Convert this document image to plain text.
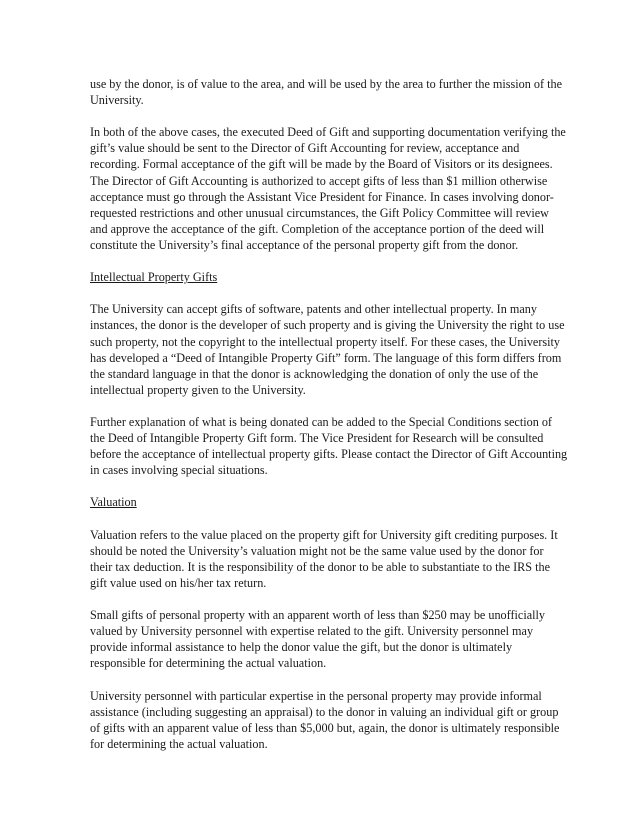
use by the donor, is of value to the area, and will be used by the area to further the mission of the University.

In both of the above cases, the executed Deed of Gift and supporting documentation verifying the gift’s value should be sent to the Director of Gift Accounting for review, acceptance and recording. Formal acceptance of the gift will be made by the Board of Visitors or its designees. The Director of Gift Accounting is authorized to accept gifts of less than $1 million otherwise acceptance must go through the Assistant Vice President for Finance. In cases involving donor-requested restrictions and other unusual circumstances, the Gift Policy Committee will review and approve the acceptance of the gift. Completion of the acceptance portion of the deed will constitute the University’s final acceptance of the personal property gift from the donor.

Intellectual Property Gifts

The University can accept gifts of software, patents and other intellectual property. In many instances, the donor is the developer of such property and is giving the University the right to use such property, not the copyright to the intellectual property itself. For these cases, the University has developed a “Deed of Intangible Property Gift” form. The language of this form differs from the standard language in that the donor is acknowledging the donation of only the use of the intellectual property given to the University.

Further explanation of what is being donated can be added to the Special Conditions section of the Deed of Intangible Property Gift form. The Vice President for Research will be consulted before the acceptance of intellectual property gifts. Please contact the Director of Gift Accounting in cases involving special situations.

Valuation

Valuation refers to the value placed on the property gift for University gift crediting purposes. It should be noted the University’s valuation might not be the same value used by the donor for their tax deduction. It is the responsibility of the donor to be able to substantiate to the IRS the gift value used on his/her tax return.

Small gifts of personal property with an apparent worth of less than $250 may be unofficially valued by University personnel with expertise related to the gift. University personnel may provide informal assistance to help the donor value the gift, but the donor is ultimately responsible for determining the actual valuation.

University personnel with particular expertise in the personal property may provide informal assistance (including suggesting an appraisal) to the donor in valuing an individual gift or group of gifts with an apparent value of less than $5,000 but, again, the donor is ultimately responsible for determining the actual valuation.
